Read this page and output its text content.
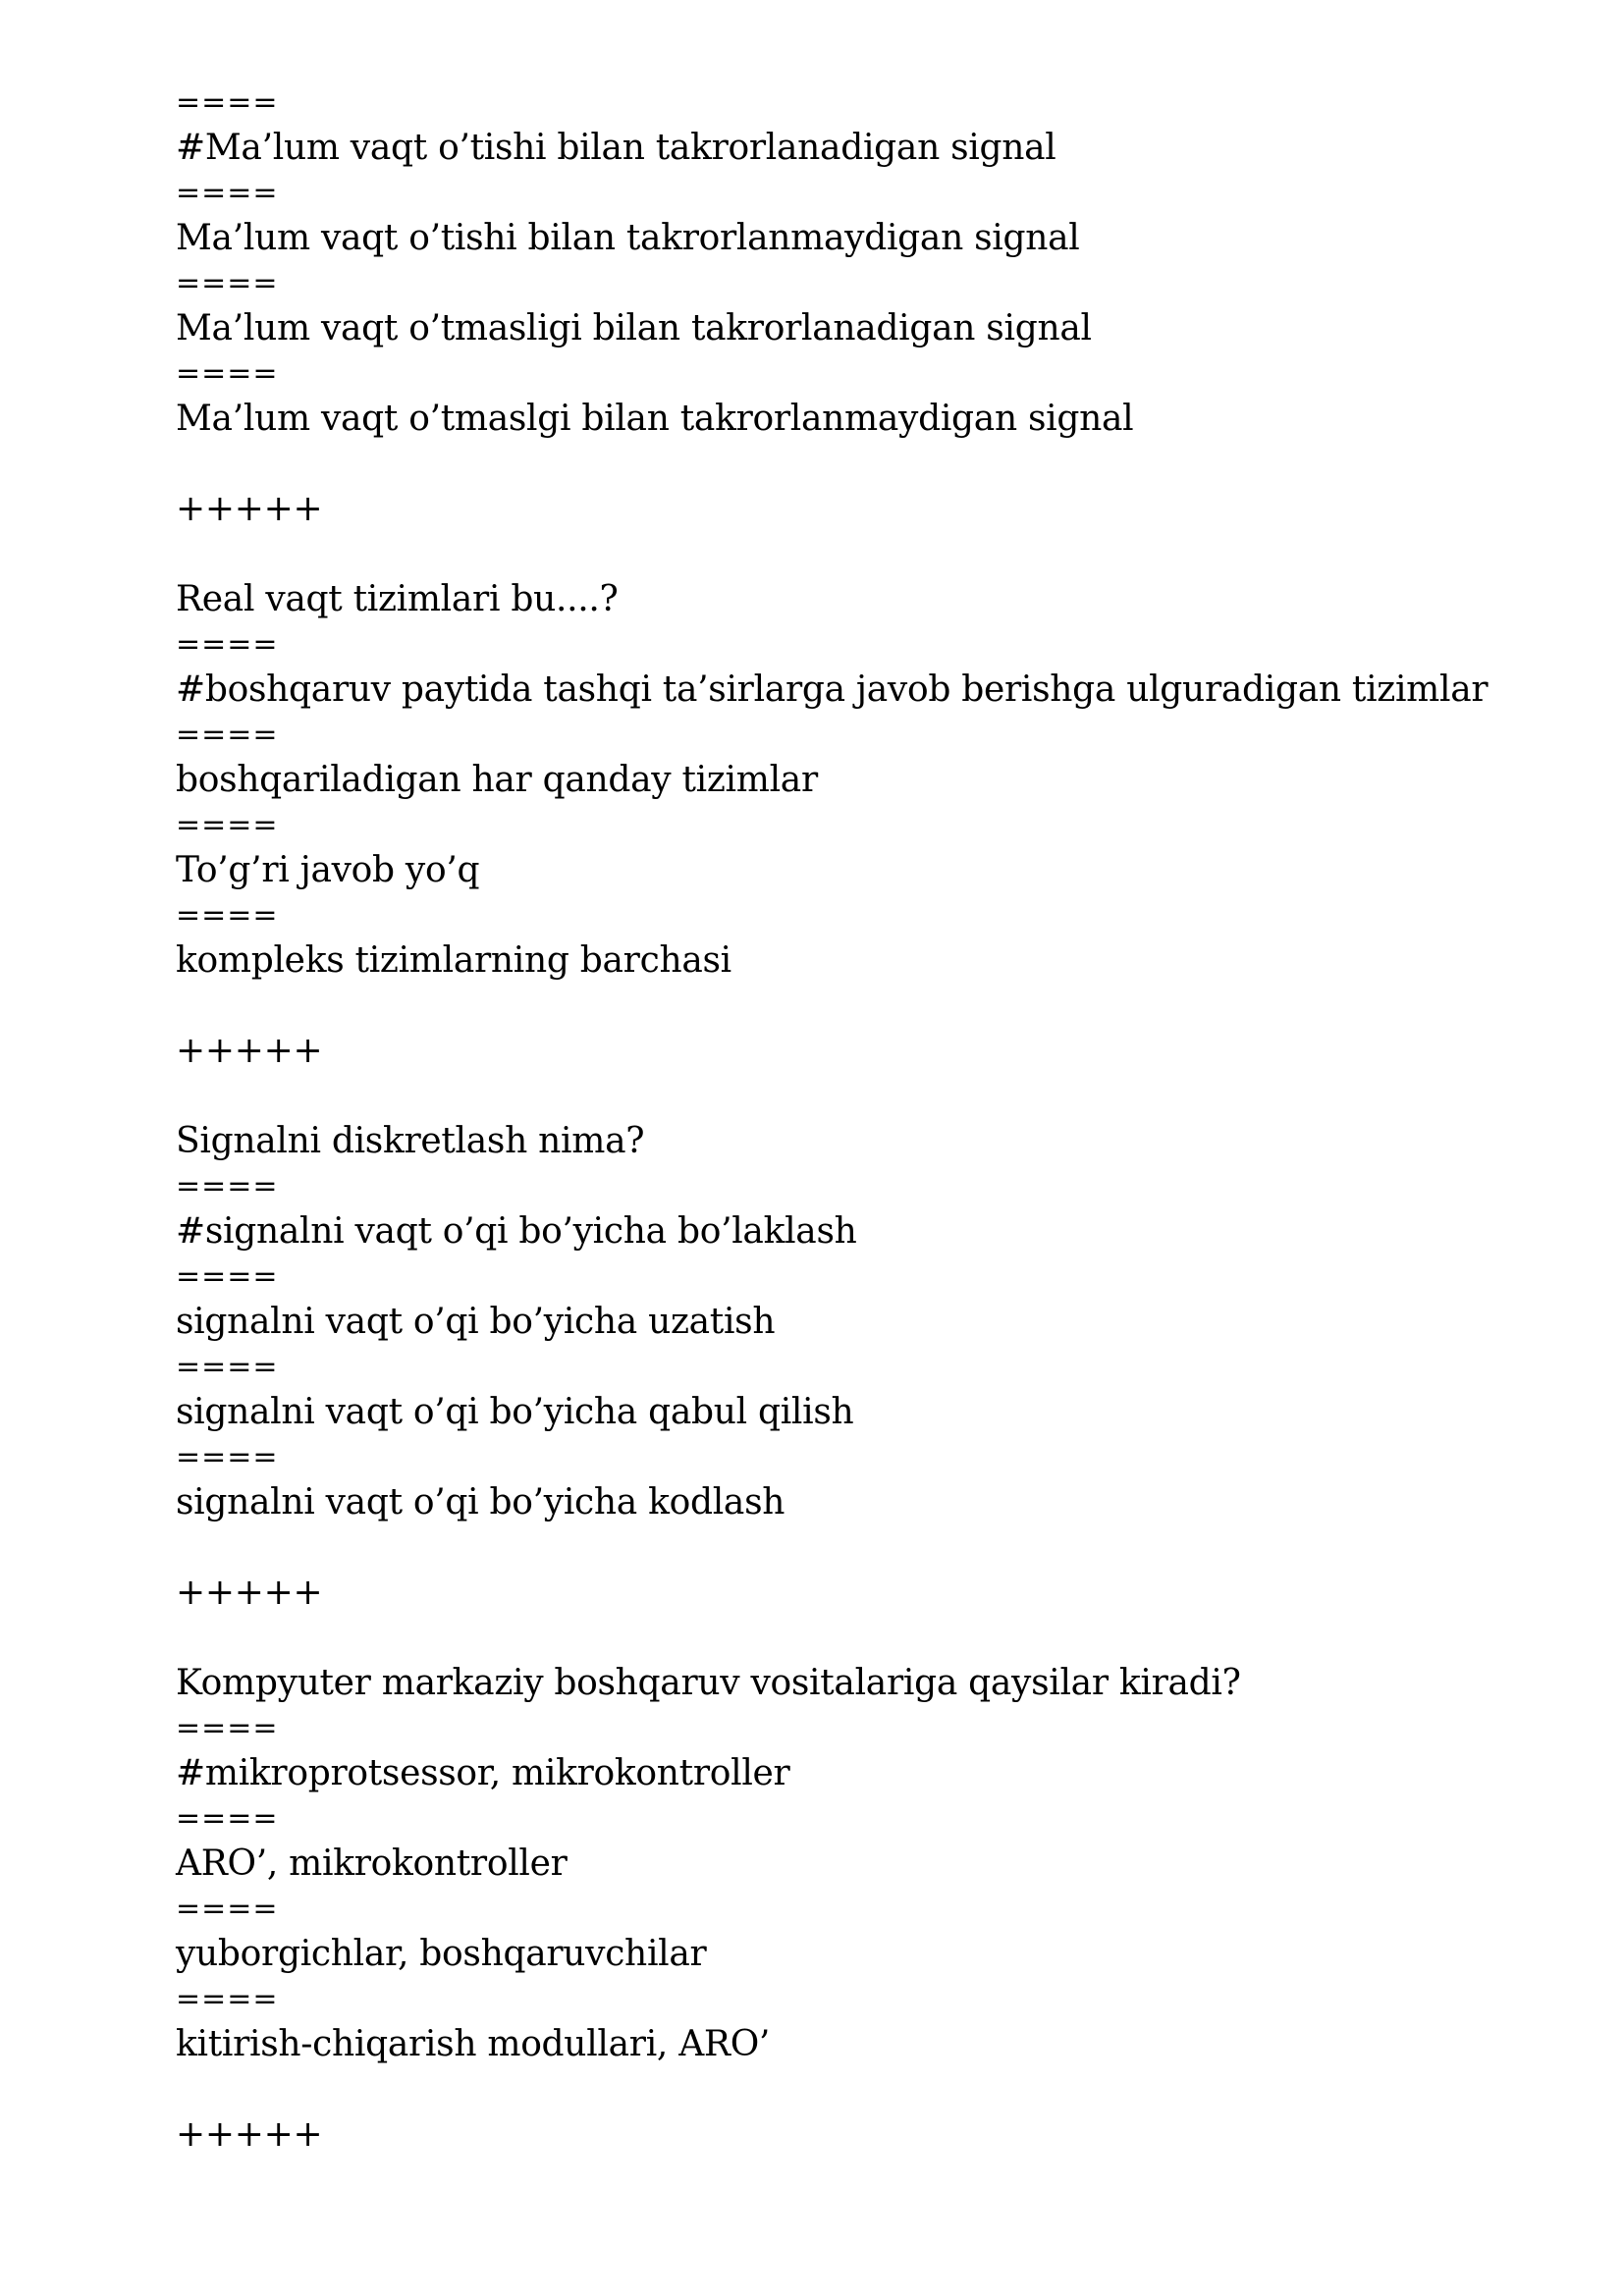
====
#Ma’lum vaqt o’tishi bilan takrorlanadigan signal
====
Ma’lum vaqt o’tishi bilan takrorlanmaydigan signal
====
Ma’lum vaqt o’tmasligi bilan takrorlanadigan signal
====
Ma’lum vaqt o’tmaslgi bilan takrorlanmaydigan signal
+++++
Real vaqt tizimlari bu....?
====
#boshqaruv paytida tashqi ta’sirlarga javob berishga ulguradigan tizimlar
====
boshqariladigan har qanday tizimlar
====
To’g’ri javob yo’q
====
kompleks tizimlarning barchasi
+++++
Signalni diskretlash nima?
====
#signalni vaqt o’qi bo’yicha bo’laklash
====
signalni vaqt o’qi bo’yicha uzatish
====
signalni vaqt o’qi bo’yicha qabul qilish
====
signalni vaqt o’qi bo’yicha kodlash
+++++
Kompyuter markaziy boshqaruv vositalariga qaysilar kiradi?
====
#mikroprotsessor, mikrokontroller
====
ARO’, mikrokontroller
====
yuborgichlar, boshqaruvchilar
====
kitirish-chiqarish modullari, ARO’
+++++
